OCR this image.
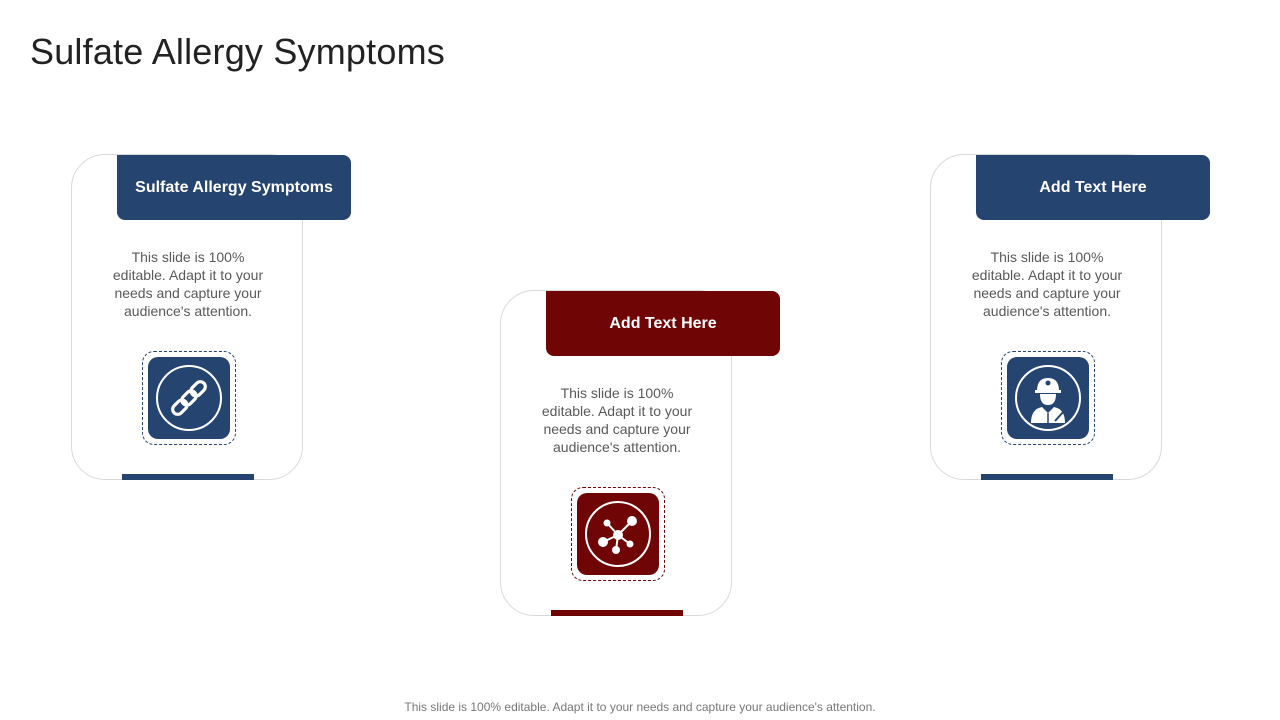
Sulfate Allergy Symptoms
Sulfate Allergy Symptoms
This slide is 100% editable. Adapt it to your needs and capture your audience's attention.
Add Text Here
This slide is 100% editable. Adapt it to your needs and capture your audience's attention.
Add Text Here
This slide is 100% editable. Adapt it to your needs and capture your audience's attention.
This slide is 100% editable. Adapt it to your needs and capture your audience's attention.
